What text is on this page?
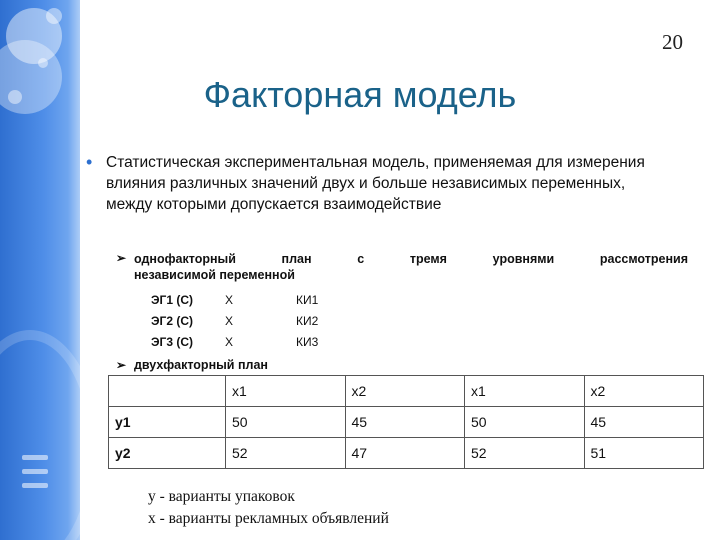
20
Факторная модель
• Статистическая экспериментальная модель, применяемая для измерения влияния различных значений двух и больше независимых переменных, между которыми допускается взаимодействие
➢ однофакторный план с тремя уровнями рассмотрения
независимой переменной
ЭГ1 (С)	Х	КИ1
ЭГ2 (С)	Х	КИ2
ЭГ3 (С)	Х	КИ3
➢ двухфакторный план
	x1	x2	x1	x2
y1	50	45	50	45
y2	52	47	52	51
y - варианты упаковок
x - варианты рекламных объявлений
